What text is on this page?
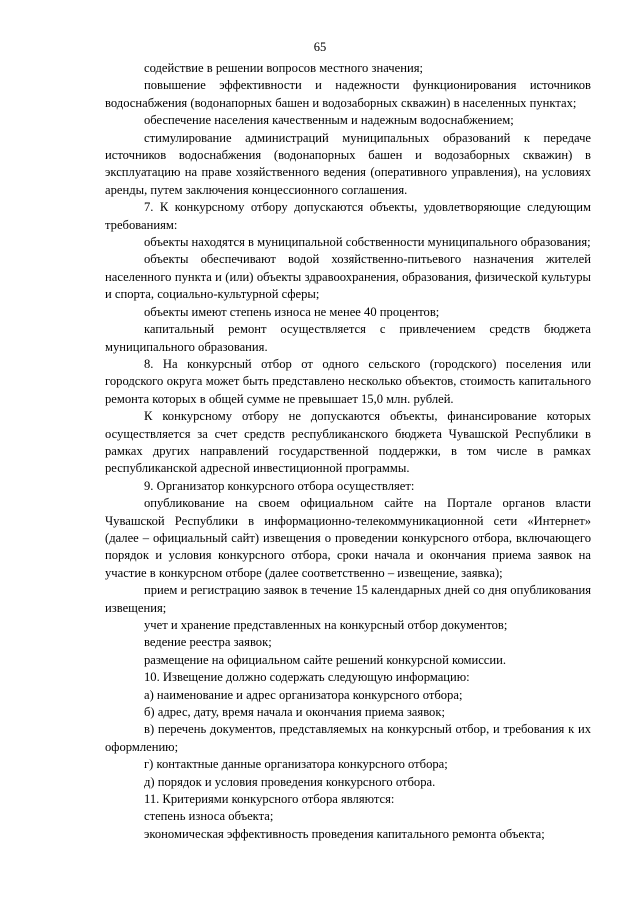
65

содействие в решении вопросов местного значения;

повышение эффективности и надежности функционирования источников водоснабжения (водонапорных башен и водозаборных скважин) в населенных пунктах;

обеспечение населения качественным и надежным водоснабжением;

стимулирование администраций муниципальных образований к передаче источников водоснабжения (водонапорных башен и водозаборных скважин) в эксплуатацию на праве хозяйственного ведения (оперативного управления), на условиях аренды, путем заключения концессионного соглашения.

7. К конкурсному отбору допускаются объекты, удовлетворяющие следующим требованиям:

объекты находятся в муниципальной собственности муниципального образования;

объекты обеспечивают водой хозяйственно-питьевого назначения жителей населенного пункта и (или) объекты здравоохранения, образования, физической культуры и спорта, социально-культурной сферы;

объекты имеют степень износа не менее 40 процентов;

капитальный ремонт осуществляется с привлечением средств бюджета муниципального образования.

8. На конкурсный отбор от одного сельского (городского) поселения или городского округа может быть представлено несколько объектов, стоимость капитального ремонта которых в общей сумме не превышает 15,0 млн. рублей.

К конкурсному отбору не допускаются объекты, финансирование которых осуществляется за счет средств республиканского бюджета Чувашской Республики в рамках других направлений государственной поддержки, в том числе в рамках республиканской адресной инвестиционной программы.

9. Организатор конкурсного отбора осуществляет:

опубликование на своем официальном сайте на Портале органов власти Чувашской Республики в информационно-телекоммуникационной сети «Интернет» (далее – официальный сайт) извещения о проведении конкурсного отбора, включающего порядок и условия конкурсного отбора, сроки начала и окончания приема заявок на участие в конкурсном отборе (далее соответственно – извещение, заявка);

прием и регистрацию заявок в течение 15 календарных дней со дня опубликования извещения;

учет и хранение представленных на конкурсный отбор документов;

ведение реестра заявок;

размещение на официальном сайте решений конкурсной комиссии.

10. Извещение должно содержать следующую информацию:

а) наименование и адрес организатора конкурсного отбора;

б) адрес, дату, время начала и окончания приема заявок;

в) перечень документов, представляемых на конкурсный отбор, и требования к их оформлению;

г) контактные данные организатора конкурсного отбора;

д) порядок и условия проведения конкурсного отбора.

11. Критериями конкурсного отбора являются:

степень износа объекта;

экономическая эффективность проведения капитального ремонта объекта;
